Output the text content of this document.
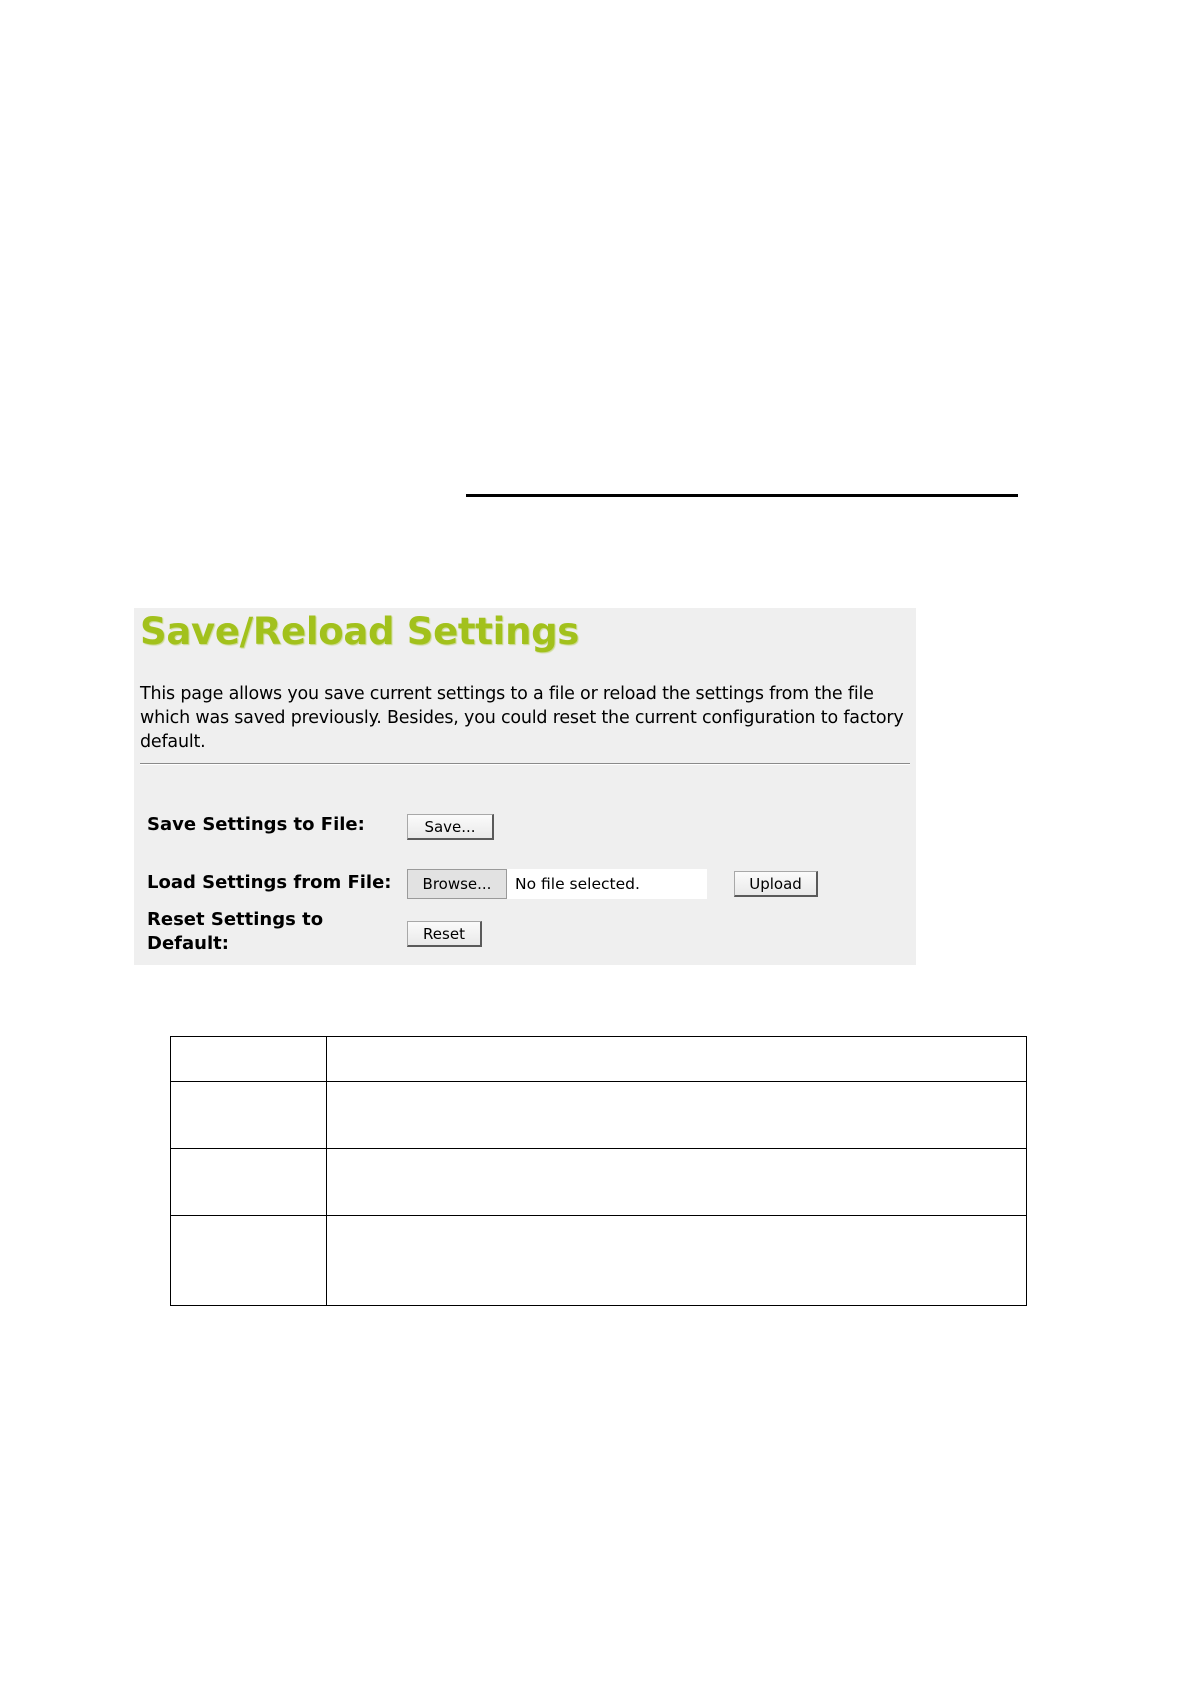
Save/Reload Settings

This page allows you save current settings to a file or reload the settings from the file which was saved previously. Besides, you could reset the current configuration to factory default.

Save Settings to File:	Save...
Load Settings from File:	Browse...	No file selected.	Upload
Reset Settings to Default:	Reset
